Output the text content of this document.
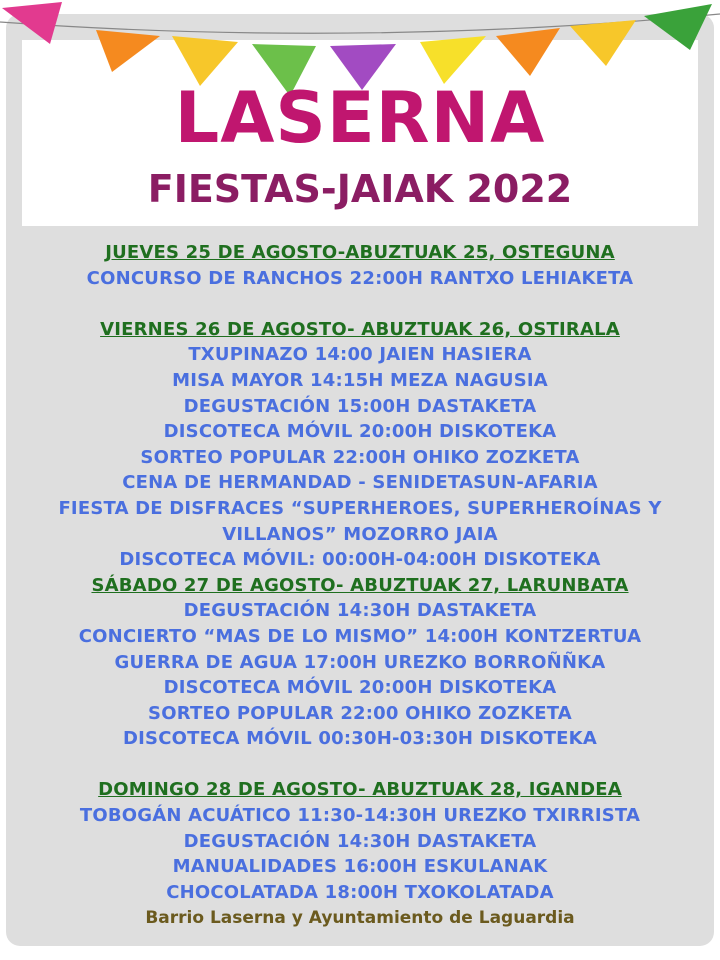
LASERNA
FIESTAS-JAIAK 2022
JUEVES 25 DE AGOSTO-ABUZTUAK 25, OSTEGUNA
CONCURSO DE RANCHOS 22:00H RANTXO LEHIAKETA
VIERNES 26 DE AGOSTO- ABUZTUAK 26, OSTIRALA
TXUPINAZO 14:00 JAIEN HASIERA
MISA MAYOR 14:15H MEZA NAGUSIA
DEGUSTACIÓN 15:00H DASTAKETA
DISCOTECA MÓVIL 20:00H DISKOTEKA
SORTEO POPULAR 22:00H OHIKO ZOZKETA
CENA DE HERMANDAD - SENIDETASUN-AFARIA
FIESTA DE DISFRACES “SUPERHEROES, SUPERHEROÍNAS Y
VILLANOS” MOZORRO JAIA
DISCOTECA MÓVIL: 00:00H-04:00H DISKOTEKA
SÁBADO 27 DE AGOSTO- ABUZTUAK 27, LARUNBATA
DEGUSTACIÓN 14:30H DASTAKETA
CONCIERTO “MAS DE LO MISMO” 14:00H KONTZERTUA
GUERRA DE AGUA 17:00H UREZKO BORROÑÑKA
DISCOTECA MÓVIL 20:00H DISKOTEKA
SORTEO POPULAR 22:00 OHIKO ZOZKETA
DISCOTECA MÓVIL 00:30H-03:30H DISKOTEKA
DOMINGO 28 DE AGOSTO- ABUZTUAK 28, IGANDEA
TOBOGÁN ACUÁTICO 11:30-14:30H UREZKO TXIRRISTA
DEGUSTACIÓN 14:30H DASTAKETA
MANUALIDADES 16:00H ESKULANAK
CHOCOLATADA 18:00H TXOKOLATADA
Barrio Laserna y Ayuntamiento de Laguardia
